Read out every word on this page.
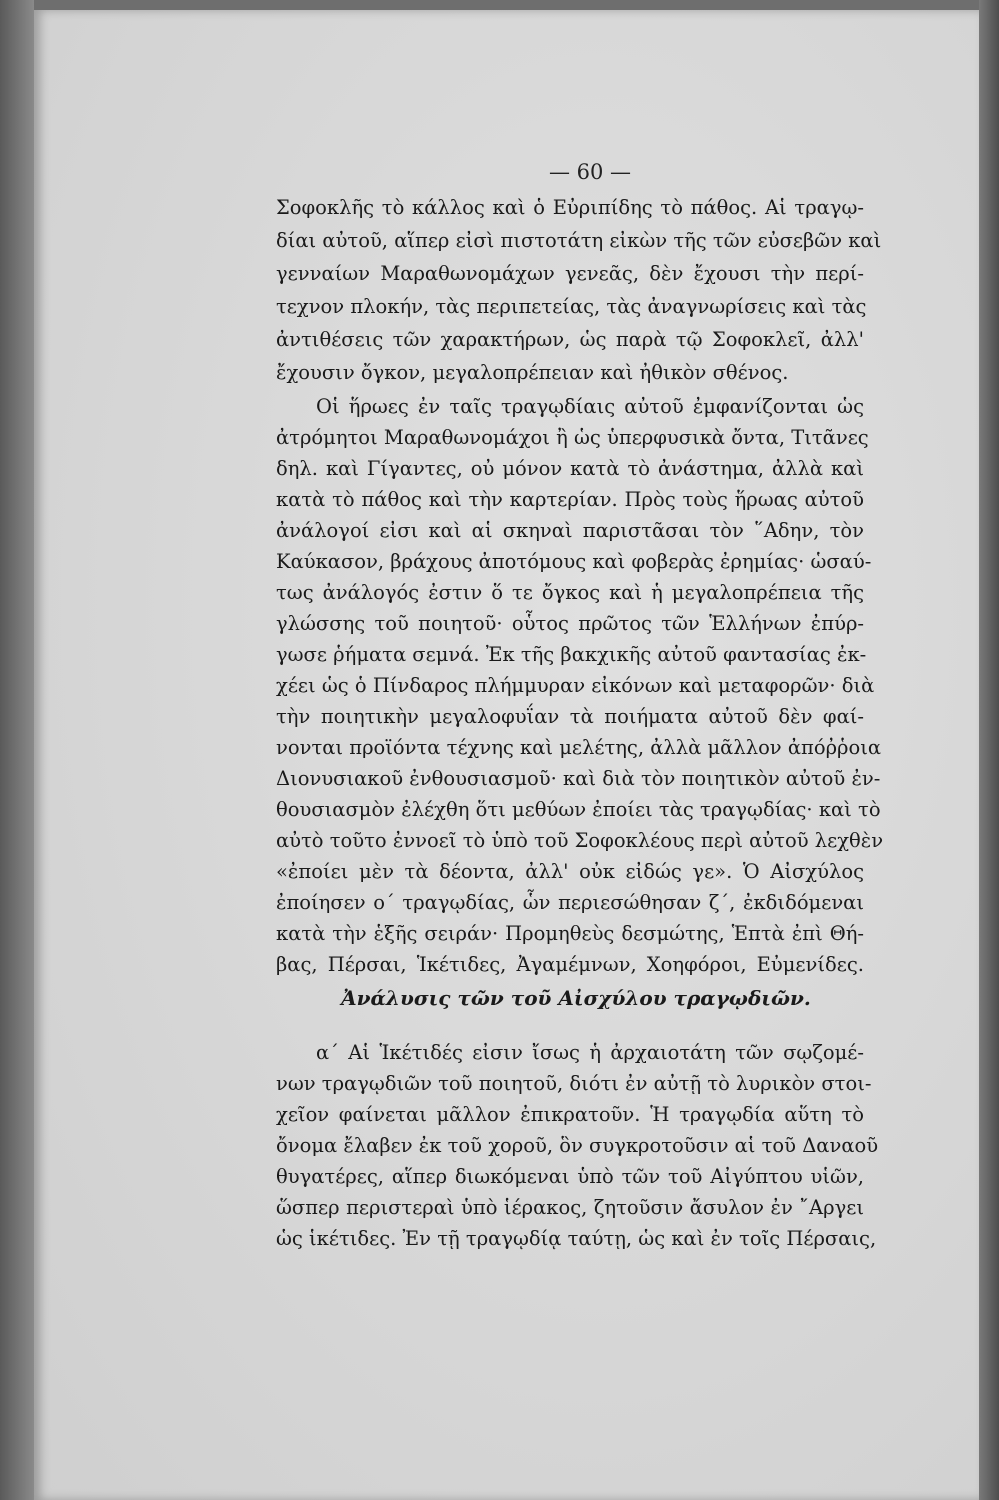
— 60 —
Σοφοκλῆς τὸ κάλλος καὶ ὁ Εὐριπίδης τὸ πάθος. Αἱ τραγῳ-
δίαι αὐτοῦ, αἵπερ εἰσὶ πιστοτάτη εἰκὼν τῆς τῶν εὐσεβῶν καὶ
γενναίων Μαραθωνομάχων γενεᾶς, δὲν ἔχουσι τὴν περί-
τεχνον πλοκήν, τὰς περιπετείας, τὰς ἀναγνωρίσεις καὶ τὰς
ἀντιθέσεις τῶν χαρακτήρων, ὡς παρὰ τῷ Σοφοκλεῖ, ἀλλ'
ἔχουσιν ὄγκον, μεγαλοπρέπειαν καὶ ἠθικὸν σθένος.
Οἱ ἥρωες ἐν ταῖς τραγῳδίαις αὐτοῦ ἐμφανίζονται ὡς
ἀτρόμητοι Μαραθωνομάχοι ἢ ὡς ὑπερφυσικὰ ὄντα, Τιτᾶνες
δηλ. καὶ Γίγαντες, οὐ μόνον κατὰ τὸ ἀνάστημα, ἀλλὰ καὶ
κατὰ τὸ πάθος καὶ τὴν καρτερίαν. Πρὸς τοὺς ἥρωας αὐτοῦ
ἀνάλογοί εἰσι καὶ αἱ σκηναὶ παριστᾶσαι τὸν ῞Αδην, τὸν
Καύκασον, βράχους ἀποτόμους καὶ φοβερὰς ἐρημίας· ὡσαύ-
τως ἀνάλογός ἐστιν ὅ τε ὄγκος καὶ ἡ μεγαλοπρέπεια τῆς
γλώσσης τοῦ ποιητοῦ· οὗτος πρῶτος τῶν Ἑλλήνων ἐπύρ-
γωσε ῥήματα σεμνά. Ἐκ τῆς βακχικῆς αὐτοῦ φαντασίας ἐκ-
χέει ὡς ὁ Πίνδαρος πλήμμυραν εἰκόνων καὶ μεταφορῶν· διὰ
τὴν ποιητικὴν μεγαλοφυΐαν τὰ ποιήματα αὐτοῦ δὲν φαί-
νονται προϊόντα τέχνης καὶ μελέτης, ἀλλὰ μᾶλλον ἀπόῤῥοια
Διονυσιακοῦ ἐνθουσιασμοῦ· καὶ διὰ τὸν ποιητικὸν αὐτοῦ ἐν-
θουσιασμὸν ἐλέχθη ὅτι μεθύων ἐποίει τὰς τραγῳδίας· καὶ τὸ
αὐτὸ τοῦτο ἐννοεῖ τὸ ὑπὸ τοῦ Σοφοκλέους περὶ αὐτοῦ λεχθὲν
«ἐποίει μὲν τὰ δέοντα, ἀλλ' οὐκ εἰδώς γε». Ὁ Αἰσχύλος
ἐποίησεν ο΄ τραγῳδίας, ὧν περιεσώθησαν ζ΄, ἐκδιδόμεναι
κατὰ τὴν ἑξῆς σειράν· Προμηθεὺς δεσμώτης, Ἑπτὰ ἐπὶ Θή-
βας, Πέρσαι, Ἱκέτιδες, Ἀγαμέμνων, Χοηφόροι, Εὐμενίδες.
Ἀνάλυσις τῶν τοῦ Αἰσχύλου τραγῳδιῶν.
α΄ Αἱ Ἱκέτιδές εἰσιν ἴσως ἡ ἀρχαιοτάτη τῶν σῳζομέ-
νων τραγῳδιῶν τοῦ ποιητοῦ, διότι ἐν αὐτῇ τὸ λυρικὸν στοι-
χεῖον φαίνεται μᾶλλον ἐπικρατοῦν. Ἡ τραγῳδία αὕτη τὸ
ὄνομα ἔλαβεν ἐκ τοῦ χοροῦ, ὃν συγκροτοῦσιν αἱ τοῦ Δαναοῦ
θυγατέρες, αἵπερ διωκόμεναι ὑπὸ τῶν τοῦ Αἰγύπτου υἱῶν,
ὥσπερ περιστεραὶ ὑπὸ ἱέρακος, ζητοῦσιν ἄσυλον ἐν ῎Αργει
ὡς ἱκέτιδες. Ἐν τῇ τραγῳδίᾳ ταύτῃ, ὡς καὶ ἐν τοῖς Πέρσαις,
